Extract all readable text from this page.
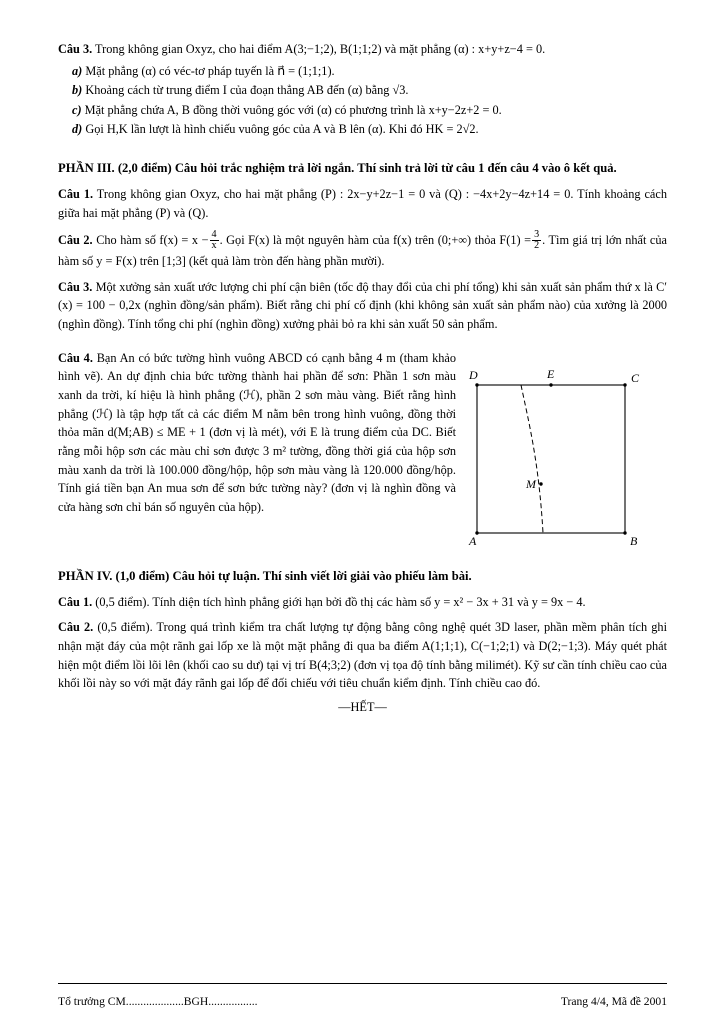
Câu 3. Trong không gian Oxyz, cho hai điểm A(3;−1;2), B(1;1;2) và mặt phẳng (α) : x+y+z−4 = 0.

a) Mặt phẳng (α) có véc-tơ pháp tuyến là n⃗ = (1;1;1).

b) Khoảng cách từ trung điểm I của đoạn thẳng AB đến (α) bằng √3.

c) Mặt phẳng chứa A, B đồng thời vuông góc với (α) có phương trình là x+y−2z+2 = 0.

d) Gọi H,K lần lượt là hình chiếu vuông góc của A và B lên (α). Khi đó HK = 2√2.

PHẦN III. (2,0 điểm) Câu hỏi trắc nghiệm trả lời ngắn. Thí sinh trả lời từ câu 1 đến câu 4 vào ô kết quả.

Câu 1. Trong không gian Oxyz, cho hai mặt phẳng (P) : 2x−y+2z−1 = 0 và (Q) : −4x+2y−4z+14 = 0. Tính khoảng cách giữa hai mặt phẳng (P) và (Q).

Câu 2. Cho hàm số $f(x) = x - \frac{4}{x}$ . Gọi F(x) là một nguyên hàm của f(x) trên (0;+∞) thỏa $F(1) = \frac{3}{2}$ . Tìm giá trị lớn nhất của hàm số y = F(x) trên [1;3] (kết quả làm tròn đến hàng phần mười).

Câu 3. Một xưởng sản xuất ước lượng chi phí cận biên (tốc độ thay đổi của chi phí tổng) khi sản xuất sản phẩm thứ x là C′(x) = 100 − 0,2x (nghìn đồng/sản phẩm). Biết rằng chi phí cố định (khi không sản xuất sản phẩm nào) của xưởng là 2000 (nghìn đồng). Tính tổng chi phí (nghìn đồng) xưởng phải bỏ ra khi sản xuất 50 sản phẩm.

Câu 4. Bạn An có bức tường hình vuông ABCD có cạnh bằng 4 m (tham khảo hình vẽ). An dự định chia bức tường thành hai phần để sơn: Phần 1 sơn màu xanh da trời, kí hiệu là hình phẳng (ℋ), phần 2 sơn màu vàng. Biết rằng hình phẳng (ℋ) là tập hợp tất cả các điểm M nằm bên trong hình vuông, đồng thời thỏa mãn d(M;AB) ≤ ME + 1 (đơn vị là mét), với E là trung điểm của DC. Biết rằng mỗi hộp sơn các màu chỉ sơn được 3 m² tường, đồng thời giá của hộp sơn màu xanh da trời là 100.000 đồng/hộp, hộp sơn màu vàng là 120.000 đồng/hộp. Tính giá tiền bạn An mua sơn để sơn bức tường này? (đơn vị là nghìn đồng và cửa hàng sơn chỉ bán số nguyên của hộp).
D	E	C
M
A	B

PHẦN IV. (1,0 điểm) Câu hỏi tự luận. Thí sinh viết lời giải vào phiếu làm bài.

Câu 1. (0,5 điểm). Tính diện tích hình phẳng giới hạn bởi đồ thị các hàm số y = x² − 3x + 31 và y = 9x − 4.

Câu 2. (0,5 điểm). Trong quá trình kiểm tra chất lượng tự động bằng công nghệ quét 3D laser, phần mềm phân tích ghi nhận mặt đáy của một rãnh gai lốp xe là một mặt phẳng đi qua ba điểm A(1;1;1), C(−1;2;1) và D(2;−1;3). Máy quét phát hiện một điểm lồi lõi lên (khối cao su dư) tại vị trí B(4;3;2) (đơn vị tọa độ tính bằng milimét). Kỹ sư cần tính chiều cao của khối lồi này so với mặt đáy rãnh gai lốp để đối chiếu với tiêu chuẩn kiểm định. Tính chiều cao đó.

—HẾT—

Tổ trưởng CM....................BGH.................	Trang 4/4, Mã đề 2001
